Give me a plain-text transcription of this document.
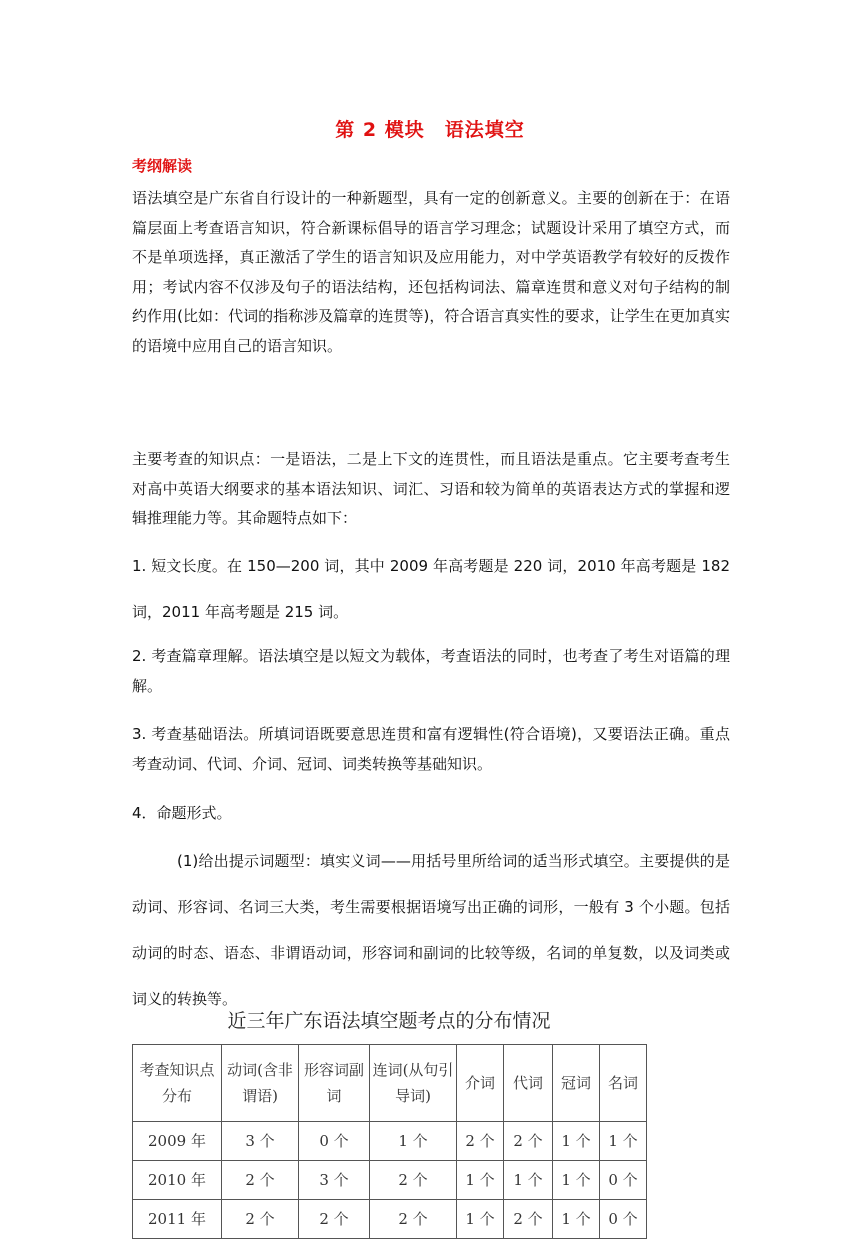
第 2 模块　语法填空
考纲解读

语法填空是广东省自行设计的一种新题型，具有一定的创新意义。主要的创新在于：在语篇层面上考查语言知识，符合新课标倡导的语言学习理念；试题设计采用了填空方式，而不是单项选择，真正激活了学生的语言知识及应用能力，对中学英语教学有较好的反拨作用；考试内容不仅涉及句子的语法结构，还包括构词法、篇章连贯和意义对句子结构的制约作用(比如：代词的指称涉及篇章的连贯等)，符合语言真实性的要求，让学生在更加真实的语境中应用自己的语言知识。

主要考查的知识点：一是语法，二是上下文的连贯性，而且语法是重点。它主要考查考生对高中英语大纲要求的基本语法知识、词汇、习语和较为简单的英语表达方式的掌握和逻辑推理能力等。其命题特点如下：

1. 短文长度。在 150—200 词，其中 2009 年高考题是 220 词，2010 年高考题是 182 词，2011 年高考题是 215 词。

2. 考查篇章理解。语法填空是以短文为载体，考查语法的同时，也考查了考生对语篇的理解。

3. 考查基础语法。所填词语既要意思连贯和富有逻辑性(符合语境)，又要语法正确。重点考查动词、代词、介词、冠词、词类转换等基础知识。

4．命题形式。

(1)给出提示词题型：填实义词——用括号里所给词的适当形式填空。主要提供的是动词、形容词、名词三大类，考生需要根据语境写出正确的词形，一般有 3 个小题。包括动词的时态、语态、非谓语动词，形容词和副词的比较等级，名词的单复数，以及词类或词义的转换等。

近三年广东语法填空题考点的分布情况
考查知识点分布	动词(含非谓语)	形容词副词	连词(从句引导词)	介词	代词	冠词	名词
2009 年	3 个	0 个	1 个	2 个	2 个	1 个	1 个
2010 年	2 个	3 个	2 个	1 个	1 个	1 个	0 个
2011 年	2 个	2 个	2 个	1 个	2 个	1 个	0 个
